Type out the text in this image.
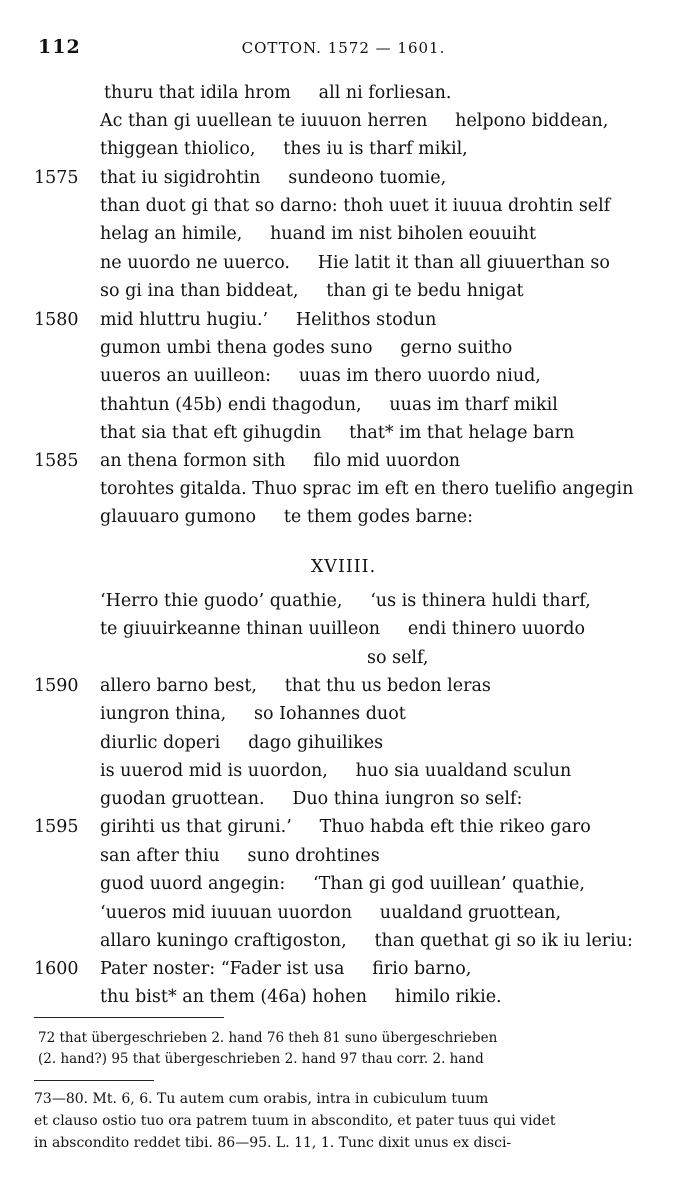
112	COTTON. 1572 — 1601.
thuru that idila hrom     all ni forliesan.
Ac than gi uuellean te iuuuon herren     helpono biddean,
thiggean thiolico,     thes iu is tharf mikil,
1575 that iu sigidrohtin     sundeono tuomie,
than duot gi that so darno: thoh uuet it iuuua drohtin self
helag an himile,     huand im nist biholen eouuiht
ne uuordo ne uuerco.     Hie latit it than all giuuerthan so
so gi ina than biddeat,     than gi te bedu hnigat
1580 mid hluttru hugiu.’     Helithos stodun
gumon umbi thena godes suno     gerno suitho
uueros an uuilleon:     uuas im thero uuordo niud,
thahtun (45b) endi thagodun,     uuas im tharf mikil
that sia that eft gihugdin     that* im that helage barn
1585 an thena formon sith     filo mid uuordon
torohtes gitalda. Thuo sprac im eft en thero tuelifio angegin
glauuaro gumono     te them godes barne:
‘Herro thie guodo’ quathie,     ‘us is thinera huldi tharf,
te giuuirkeanne thinan uuilleon     endi thinero uuordo
so self,
1590 allero barno best,     that thu us bedon leras
iungron thina,     so Iohannes duot
diurlic doperi     dago gihuilikes
is uuerod mid is uuordon,     huo sia uualdand sculun
guodan gruottean.     Duo thina iungron so self:
1595 girihti us that giruni.’     Thuo habda eft thie rikeo garo
san after thiu     suno drohtines
guod uuord angegin:     ‘Than gi god uuillean’ quathie,
‘uueros mid iuuuan uuordon     uualdand gruottean,
allaro kuningo craftigoston,     than quethat gi so ik iu leriu:
1600 Pater noster: “Fader ist usa     firio barno,
thu bist* an them (46a) hohen     himilo rikie.
XVIIII.
72 that übergeschrieben 2. hand 76 theh 81 suno übergeschrieben
(2. hand?) 95 that übergeschrieben 2. hand 97 thau corr. 2. hand
73—80. Mt. 6, 6. Tu autem cum orabis, intra in cubiculum tuum
et clauso ostio tuo ora patrem tuum in abscondito, et pater tuus qui videt
in abscondito reddet tibi. 86—95. L. 11, 1. Tunc dixit unus ex disci-
